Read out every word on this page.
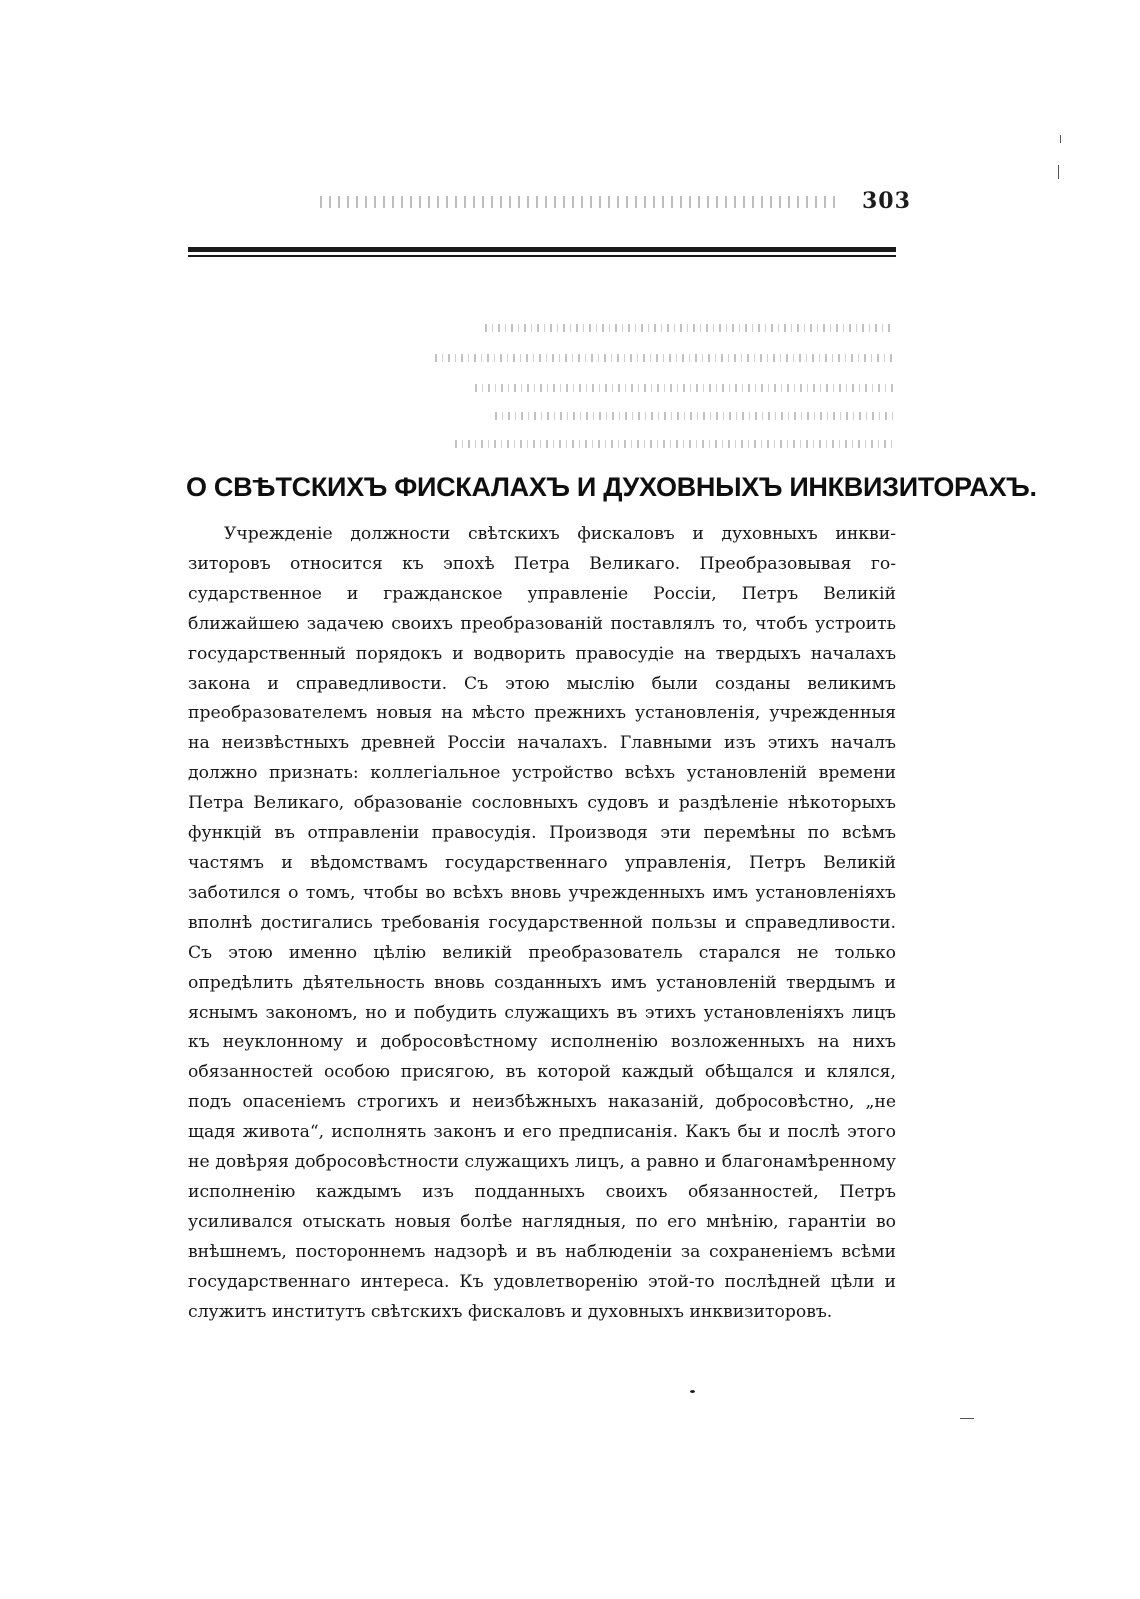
303
О СВѢТСКИХЪ ФИСКАЛАХЪ И ДУХОВНЫХЪ ИНКВИЗИТОРАХЪ.

Учрежденіе должности свѣтскихъ фискаловъ и духовныхъ инквизиторовъ относится къ эпохѣ Петра Великаго. Преобразовывая государственное и гражданское управленіе Россіи, Петръ Великій ближайшею задачею своихъ преобразованій поставлялъ то, чтобъ устроить государственный порядокъ и водворить правосудіе на твердыхъ началахъ закона и справедливости. Съ этою мыслію были созданы великимъ преобразователемъ новыя на мѣсто прежнихъ установленія, учрежденныя на неизвѣстныхъ древней Россіи началахъ. Главными изъ этихъ началъ должно признать: коллегіальное устройство всѣхъ установленій времени Петра Великаго, образованіе сословныхъ судовъ и раздѣленіе нѣкоторыхъ функцій въ отправленіи правосудія. Производя эти перемѣны по всѣмъ частямъ и вѣдомствамъ государственнаго управленія, Петръ Великій заботился о томъ, чтобы во всѣхъ вновь учрежденныхъ имъ установленіяхъ вполнѣ достигались требованія государственной пользы и справедливости. Съ этою именно цѣлію великій преобразователь старался не только опредѣлить дѣятельность вновь созданныхъ имъ установленій твердымъ и яснымъ закономъ, но и побудить служащихъ въ этихъ установленіяхъ лицъ къ неуклонному и добросовѣстному исполненію возложенныхъ на нихъ обязанностей особою присягою, въ которой каждый обѣщался и клялся, подъ опасеніемъ строгихъ и неизбѣжныхъ наказаній, добросовѣстно, „не щадя живота“, исполнять законъ и его предписанія. Какъ бы и послѣ этого не довѣряя добросовѣстности служащихъ лицъ, а равно и благонамѣренному исполненію каждымъ изъ подданныхъ своихъ обязанностей, Петръ усиливался отыскать новыя болѣе наглядныя, по его мнѣнію, гарантіи во внѣшнемъ, постороннемъ надзорѣ и въ наблюденіи за сохраненіемъ всѣми государственнаго интереса. Къ удовлетворенію этой-то послѣдней цѣли и служитъ институтъ свѣтскихъ фискаловъ и духовныхъ инквизиторовъ.
